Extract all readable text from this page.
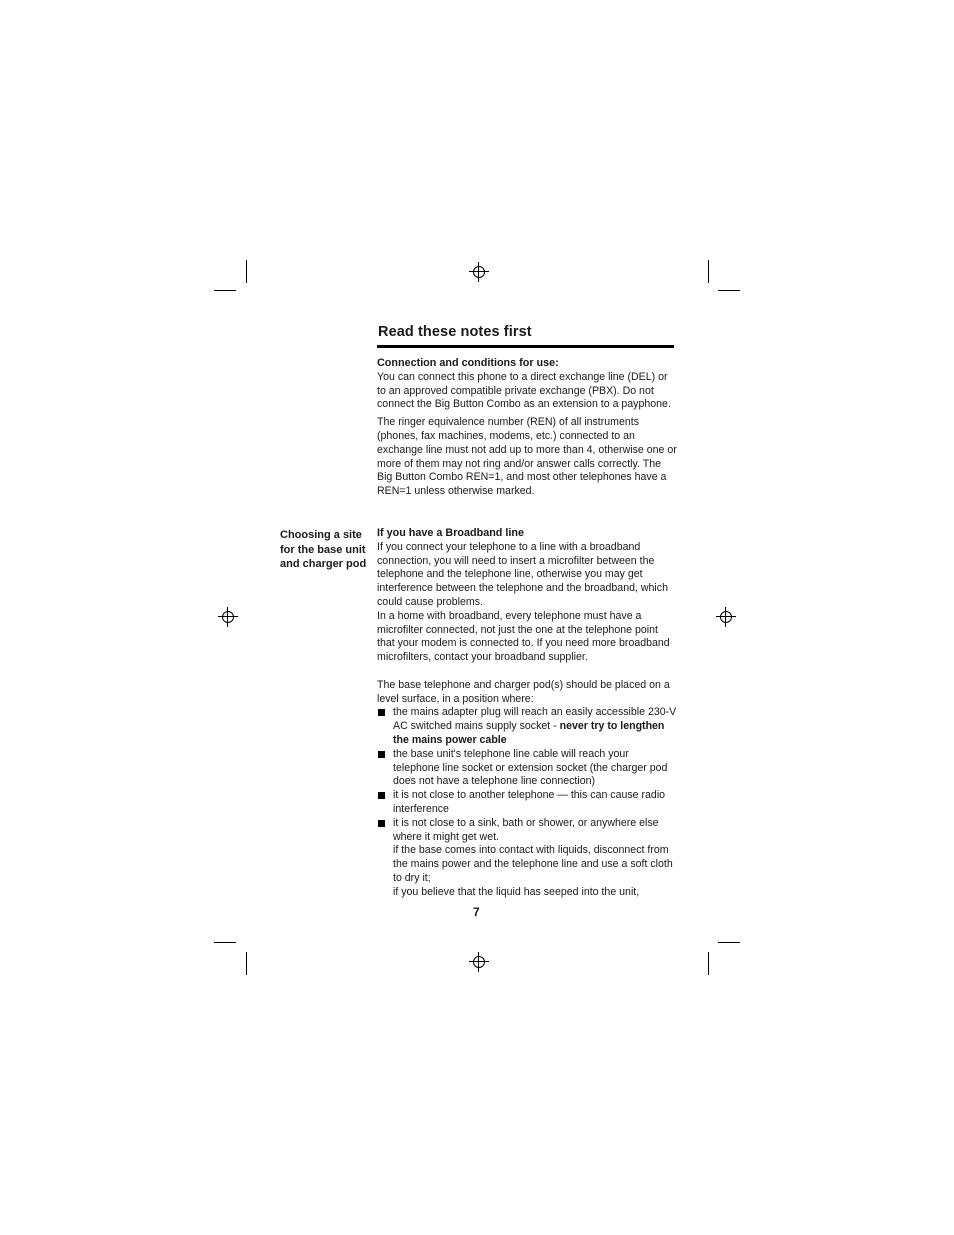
Read these notes first
Choosing a site for the base unit and charger pod

Connection and conditions for use:

You can connect this phone to a direct exchange line (DEL) or to an approved compatible private exchange (PBX). Do not connect the Big Button Combo as an extension to a payphone.

The ringer equivalence number (REN) of all instruments (phones, fax machines, modems, etc.) connected to an exchange line must not add up to more than 4, otherwise one or more of them may not ring and/or answer calls correctly. The Big Button Combo REN=1, and most other telephones have a REN=1 unless otherwise marked.

If you have a Broadband line

If you connect your telephone to a line with a broadband connection, you will need to insert a microfilter between the telephone and the telephone line, otherwise you may get interference between the telephone and the broadband, which could cause problems.

In a home with broadband, every telephone must have a microfilter connected, not just the one at the telephone point that your modem is connected to. If you need more broadband microfilters, contact your broadband supplier.

The base telephone and charger pod(s) should be placed on a level surface, in a position where:

the mains adapter plug will reach an easily accessible 230-V AC switched mains supply socket - never try to lengthen the mains power cable
the base unit's telephone line cable will reach your telephone line socket or extension socket (the charger pod does not have a telephone line connection)
it is not close to another telephone — this can cause radio interference
it is not close to a sink, bath or shower, or anywhere else where it might get wet.
if the base comes into contact with liquids, disconnect from the mains power and the telephone line and use a soft cloth to dry it;
if you believe that the liquid has seeped into the unit,
7
